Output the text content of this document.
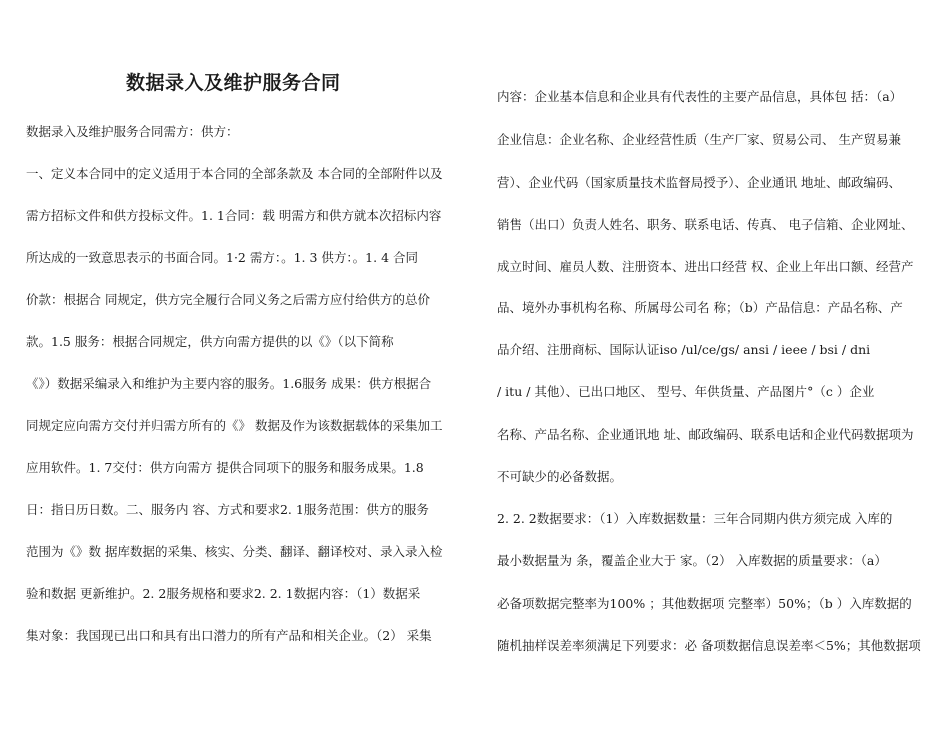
数据录入及维护服务合同
数据录入及维护服务合同需方：供方：
一、定义本合同中的定义适用于本合同的全部条款及 本合同的全部附件以及
需方招标文件和供方投标文件。1. 1合同：载 明需方和供方就本次招标内容
所达成的一致意思表示的书面合同。1·2 需方：。1. 3 供方：。1. 4 合同
价款：根据合 同规定，供方完全履行合同义务之后需方应付给供方的总价
款。1.5 服务：根据合同规定，供方向需方提供的以《》（以下简称
《》）数据采编录入和维护为主要内容的服务。1.6服务 成果：供方根据合
同规定应向需方交付并归需方所有的《》 数据及作为该数据载体的采集加工
应用软件。1. 7交付：供方向需方 提供合同项下的服务和服务成果。1.8
日：指日历日数。二、服务内 容、方式和要求2. 1服务范围：供方的服务
范围为《》数 据库数据的采集、核实、分类、翻译、翻译校对、录入录入检
验和数据 更新维护。2. 2服务规格和要求2. 2. 1数据内容：（1）数据采
集对象：我国现已出口和具有出口潜力的所有产品和相关企业。（2） 采集
内容：企业基本信息和企业具有代表性的主要产品信息，具体包 括：（a）
企业信息：企业名称、企业经营性质（生产厂家、贸易公司、 生产贸易兼
营）、企业代码（国家质量技术监督局授予）、企业通讯 地址、邮政编码、
销售（出口）负责人姓名、职务、联系电话、传真、 电子信箱、企业网址、
成立时间、雇员人数、注册资本、进出口经营 权、企业上年出口额、经营产
品、境外办事机构名称、所属母公司名 称；（b）产品信息：产品名称、产
品介绍、注册商标、国际认证iso /ul/ce/gs/ ansi / ieee / bsi / dni
/ itu / 其他）、已出口地区、 型号、年供货量、产品图片°（c ）企业
名称、产品名称、企业通讯地 址、邮政编码、联系电话和企业代码数据项为
不可缺少的必备数据。
2. 2. 2数据要求：（1）入库数据数量：三年合同期内供方须完成 入库的
最小数据量为 条，覆盖企业大于 家。（2） 入库数据的质量要求：（a）
必备项数据完整率为100% ；其他数据项 完整率）50%；（b ）入库数据的
随机抽样误差率须满足下列要求：必 备项数据信息误差率＜5%；其他数据项
